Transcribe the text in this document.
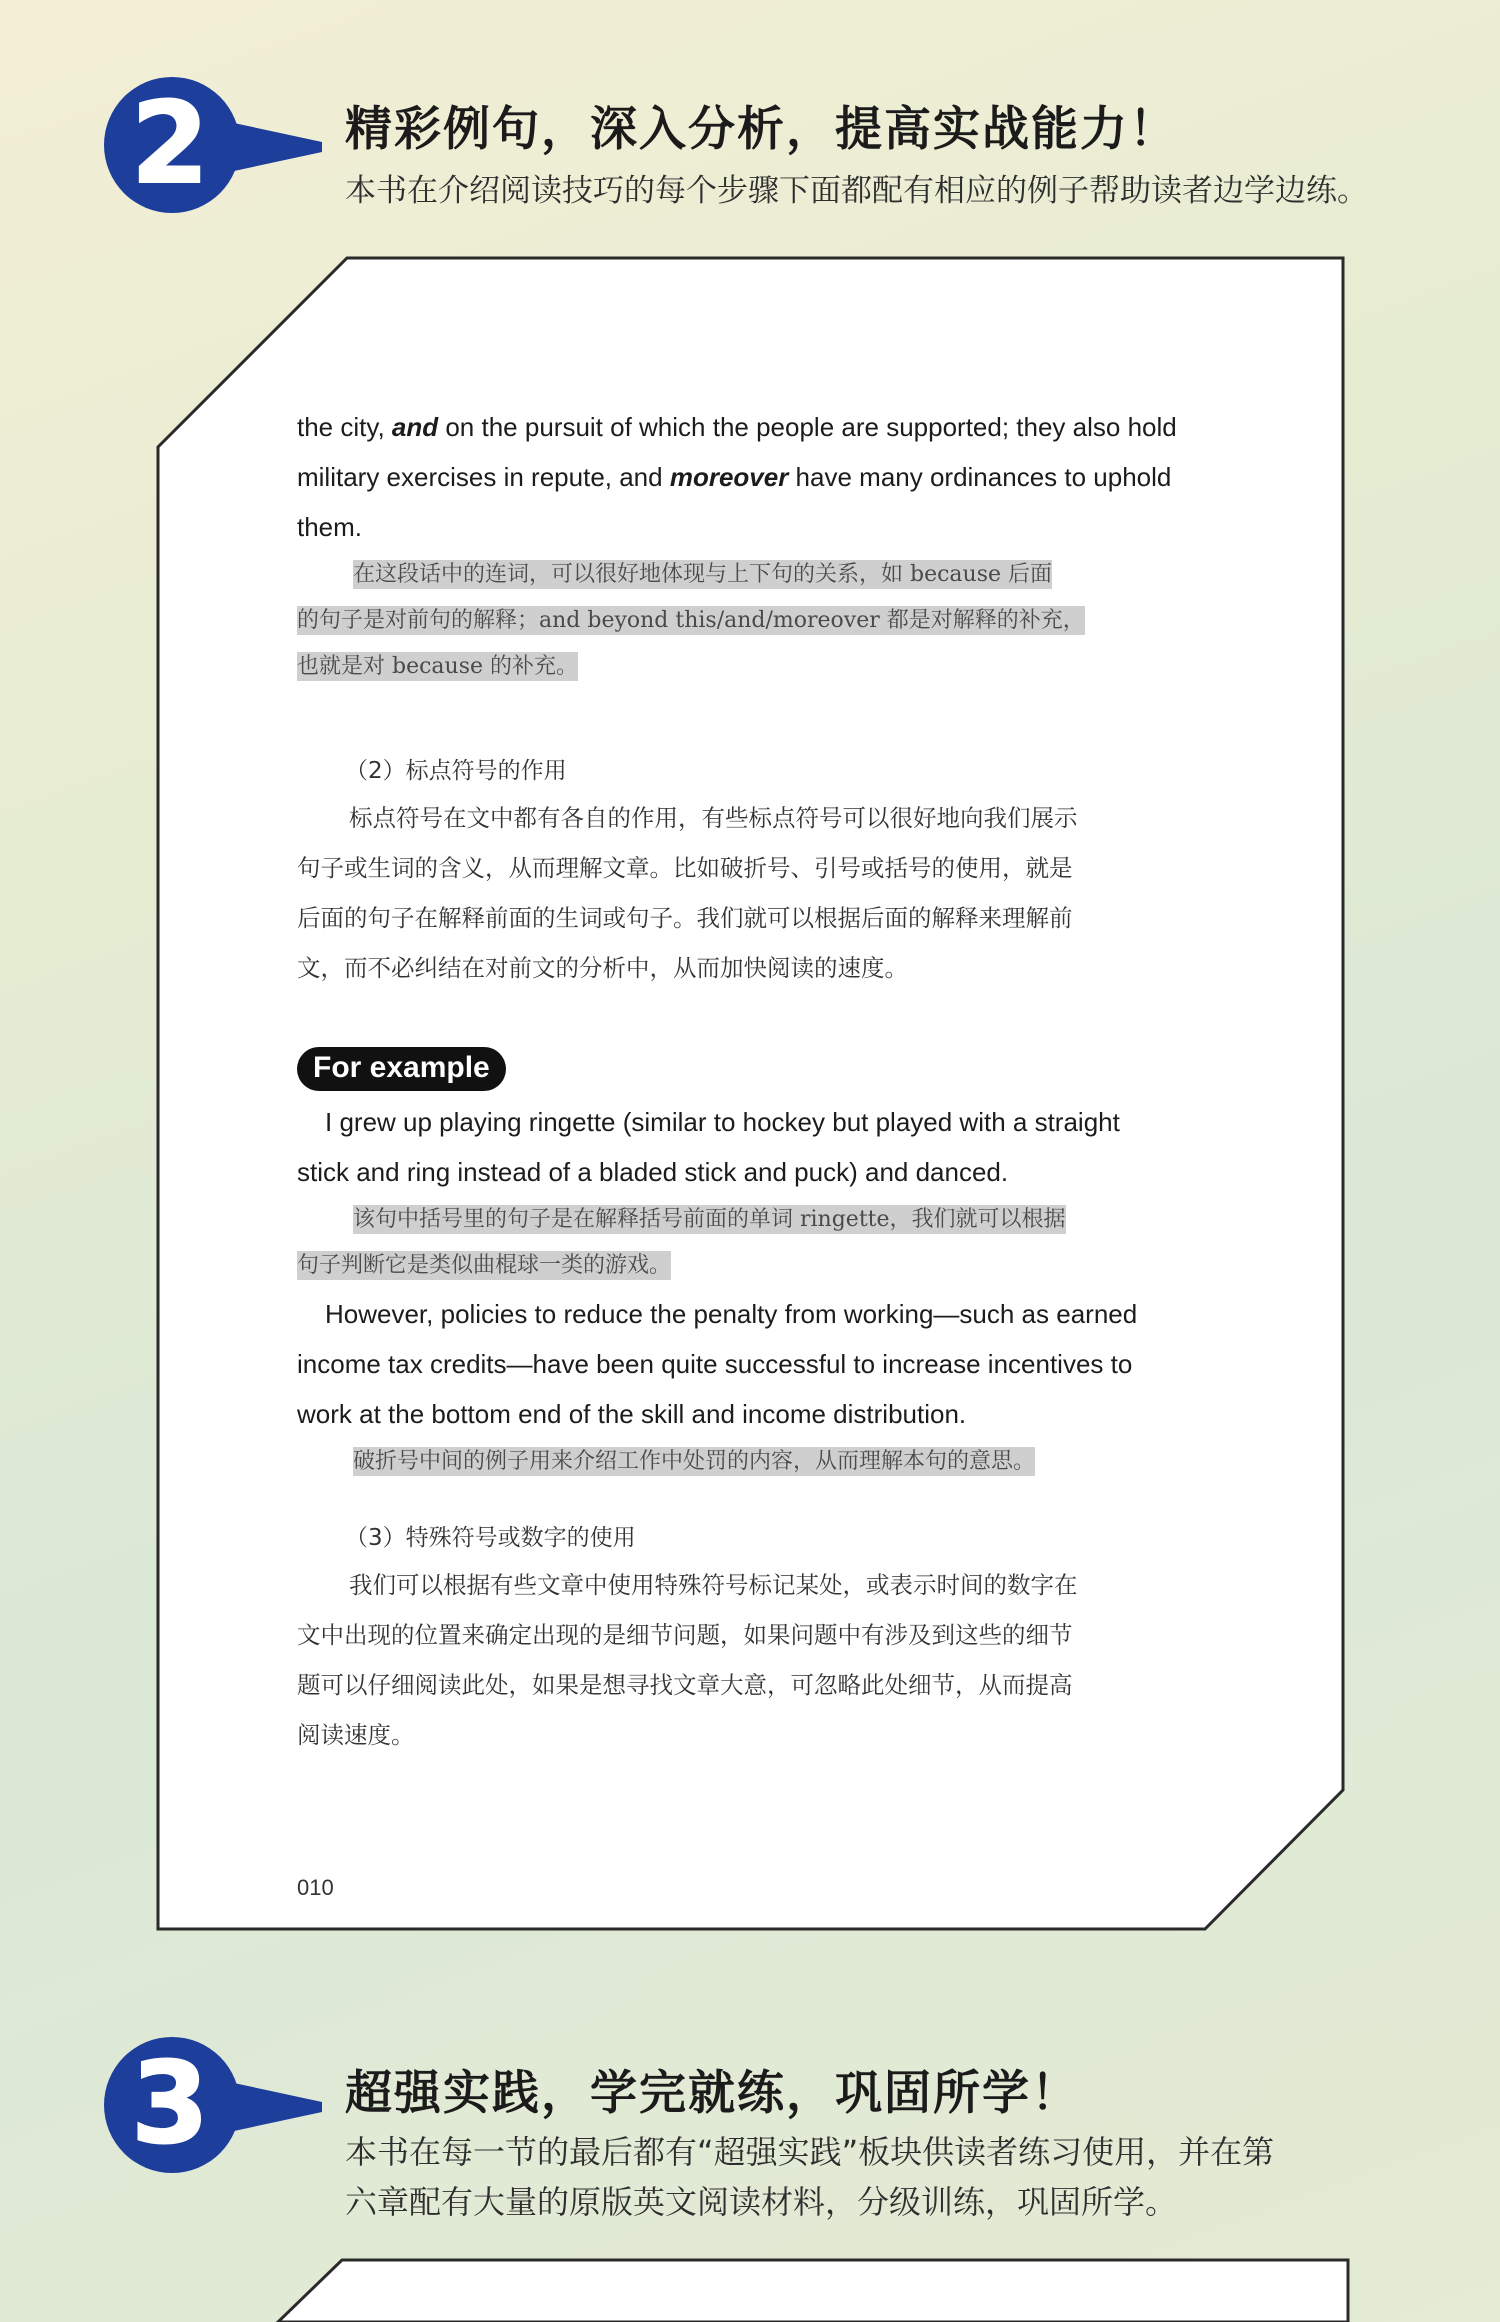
2	精彩例句，深入分析，提高实战能力！

本书在介绍阅读技巧的每个步骤下面都配有相应的例子帮助读者边学边练。

the city, and on the pursuit of which the people are supported; they also hold

military exercises in repute, and moreover have many ordinances to uphold

them.

在这段话中的连词，可以很好地体现与上下句的关系，如 because 后面

的句子是对前句的解释；and beyond this/and/moreover 都是对解释的补充，

也就是对 because 的补充。

（2）标点符号的作用

标点符号在文中都有各自的作用，有些标点符号可以很好地向我们展示

句子或生词的含义，从而理解文章。比如破折号、引号或括号的使用，就是

后面的句子在解释前面的生词或句子。我们就可以根据后面的解释来理解前

文，而不必纠结在对前文的分析中，从而加快阅读的速度。

For example

I grew up playing ringette (similar to hockey but played with a straight

stick and ring instead of a bladed stick and puck) and danced.

该句中括号里的句子是在解释括号前面的单词 ringette，我们就可以根据

句子判断它是类似曲棍球一类的游戏。

However, policies to reduce the penalty from working—such as earned

income tax credits—have been quite successful to increase incentives to

work at the bottom end of the skill and income distribution.

破折号中间的例子用来介绍工作中处罚的内容，从而理解本句的意思。

（3）特殊符号或数字的使用

我们可以根据有些文章中使用特殊符号标记某处，或表示时间的数字在

文中出现的位置来确定出现的是细节问题，如果问题中有涉及到这些的细节

题可以仔细阅读此处，如果是想寻找文章大意，可忽略此处细节，从而提高

阅读速度。

010
3	超强实践，学完就练，巩固所学！

本书在每一节的最后都有“超强实践”板块供读者练习使用，并在第

六章配有大量的原版英文阅读材料，分级训练，巩固所学。
